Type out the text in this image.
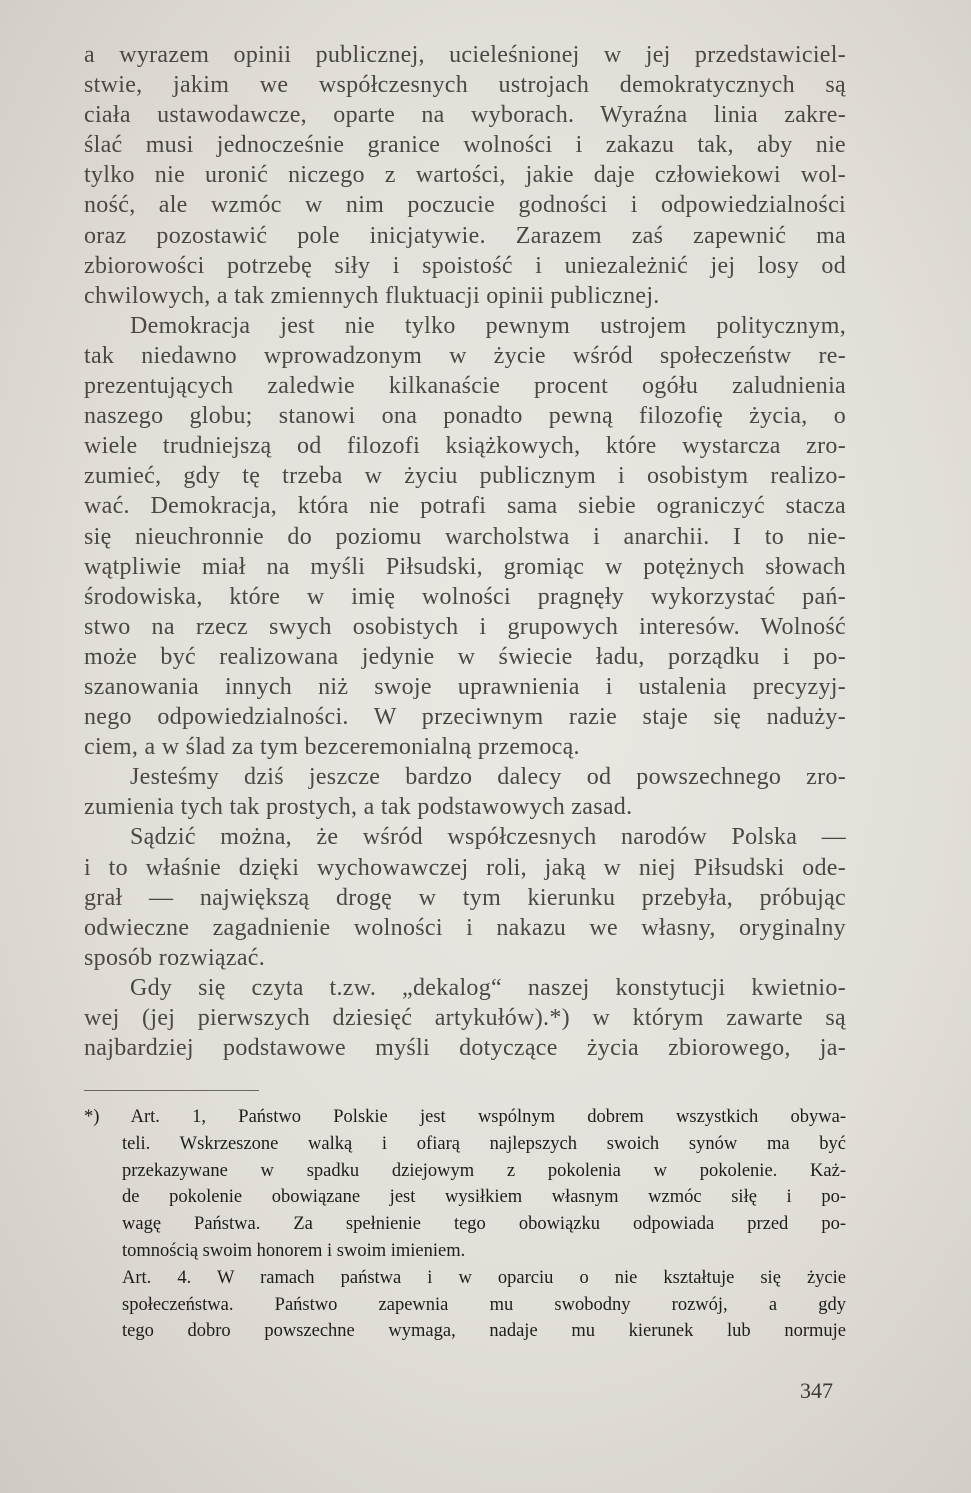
a wyrazem opinii publicznej, ucieleśnionej w jej przedstawiciel-
stwie, jakim we współczesnych ustrojach demokratycznych są
ciała ustawodawcze, oparte na wyborach. Wyraźna linia zakre-
ślać musi jednocześnie granice wolności i zakazu tak, aby nie
tylko nie uronić niczego z wartości, jakie daje człowiekowi wol-
ność, ale wzmóc w nim poczucie godności i odpowiedzialności
oraz pozostawić pole inicjatywie. Zarazem zaś zapewnić ma
zbiorowości potrzebę siły i spoistość i uniezależnić jej losy od
chwilowych, a tak zmiennych fluktuacji opinii publicznej.
Demokracja jest nie tylko pewnym ustrojem politycznym,
tak niedawno wprowadzonym w życie wśród społeczeństw re-
prezentujących zaledwie kilkanaście procent ogółu zaludnienia
naszego globu; stanowi ona ponadto pewną filozofię życia, o
wiele trudniejszą od filozofi książkowych, które wystarcza zro-
zumieć, gdy tę trzeba w życiu publicznym i osobistym realizo-
wać. Demokracja, która nie potrafi sama siebie ograniczyć stacza
się nieuchronnie do poziomu warcholstwa i anarchii. I to nie-
wątpliwie miał na myśli Piłsudski, gromiąc w potężnych słowach
środowiska, które w imię wolności pragnęły wykorzystać pań-
stwo na rzecz swych osobistych i grupowych interesów. Wolność
może być realizowana jedynie w świecie ładu, porządku i po-
szanowania innych niż swoje uprawnienia i ustalenia precyzyj-
nego odpowiedzialności. W przeciwnym razie staje się naduży-
ciem, a w ślad za tym bezceremonialną przemocą.
Jesteśmy dziś jeszcze bardzo dalecy od powszechnego zro-
zumienia tych tak prostych, a tak podstawowych zasad.
Sądzić można, że wśród współczesnych narodów Polska —
i to właśnie dzięki wychowawczej roli, jaką w niej Piłsudski ode-
grał — największą drogę w tym kierunku przebyła, próbując
odwieczne zagadnienie wolności i nakazu we własny, oryginalny
sposób rozwiązać.
Gdy się czyta t.zw. „dekalog“ naszej konstytucji kwietnio-
wej (jej pierwszych dziesięć artykułów).*) w którym zawarte są
najbardziej podstawowe myśli dotyczące życia zbiorowego, ja-
*) Art. 1, Państwo Polskie jest wspólnym dobrem wszystkich obywa-
teli. Wskrzeszone walką i ofiarą najlepszych swoich synów ma być
przekazywane w spadku dziejowym z pokolenia w pokolenie. Każ-
de pokolenie obowiązane jest wysiłkiem własnym wzmóc siłę i po-
wagę Państwa. Za spełnienie tego obowiązku odpowiada przed po-
tomnością swoim honorem i swoim imieniem.
Art. 4. W ramach państwa i w oparciu o nie kształtuje się życie
społeczeństwa. Państwo zapewnia mu swobodny rozwój, a gdy
tego dobro powszechne wymaga, nadaje mu kierunek lub normuje
347
